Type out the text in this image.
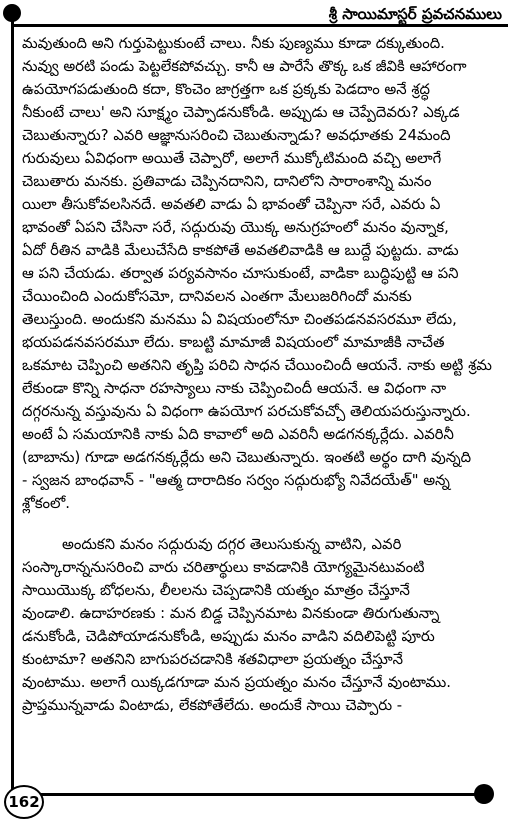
శ్రీ సాయిమాస్టర్ ప్రవచనములు
మవుతుంది అని గుర్తుపెట్టుకుంటే చాలు. నీకు పుణ్యము కూడా దక్కుతుంది.
నువ్వు అరటి పండు పెట్టలేకపోవచ్చు. కానీ ఆ పారేసే తొక్క ఒక జీవికి ఆహారంగా
ఉపయోగపడుతుంది కదా, కొంచెం జాగ్రత్తగా ఒక ప్రక్కకు పెడదాం అనే శ్రద్ధ
నీకుంటే చాలు' అని సూక్ష్మం చెప్పాడనుకోండి. అప్పుడు ఆ చెప్పేదెవరు? ఎక్కడ
చెబుతున్నారు? ఎవరి ఆజ్ఞానుసరించి చెబుతున్నాడు? అవధూతకు 24మంది
గురువులు ఏవిధంగా అయితే చెప్పారో, అలాగే ముక్కోటిమంది వచ్చి అలాగే
చెబుతారు మనకు. ప్రతివాడు చెప్పినదానిని, దానిలోని సారాంశాన్ని మనం
యిలా తీసుకోవలసినదే. అవతలి వాడు ఏ భావంతో చెప్పినా సరే, ఎవరు ఏ
భావంతో ఏపని చేసినా సరే, సద్గురువు యొక్క అనుగ్రహంలో మనం వున్నాక,
ఏదో రీతిన వాడికి మేలుచేసేది కాకపోతే అవతలివాడికి ఆ బుద్దే పుట్టదు. వాడు
ఆ పని చేయడు. తర్వాత పర్యవసానం చూసుకుంటే, వాడికా బుద్ధిపుట్టి ఆ పని
చేయించింది ఎందుకోసమో, దానివలన ఎంతగా మేలుజరిగిందో మనకు
తెలుస్తుంది. అందుకని మనము ఏ విషయంలోనూ చింతపడనవసరమూ లేదు,
భయపడనవసరమూ లేదు. కాబట్టి మామాజీ విషయంలో మామాజీకి నాచేత
ఒకమాట చెప్పించి అతనిని తృప్తి పరిచి సాధన చేయించిందీ ఆయనే. నాకు అట్టి శ్రమ
లేకుండా కొన్ని సాధనా రహస్యాలు నాకు చెప్పించిందీ ఆయనే. ఆ విధంగా నా
దగ్గరనున్న వస్తువును ఏ విధంగా ఉపయోగ పరచుకోవచ్చో తెలియపరుస్తున్నారు.
అంటే ఏ సమయానికి నాకు ఏది కావాలో అది ఎవరినీ అడగనక్కర్లేదు. ఎవరినీ
(బాబాను) గూడా అడగనక్కర్లేదు అని చెబుతున్నారు. ఇంతటి అర్థం దాగి వున్నది
- స్వజన బాంధవాన్ - "ఆత్మ దారాదికం సర్వం సద్గురుభ్యో నివేదయేత్" అన్న
శ్లోకంలో.
అందుకని మనం సద్గురువు దగ్గర తెలుసుకున్న వాటిని, ఎవరి
సంస్కారాన్ననుసరించి వారు చరితార్థులు కావడానికి యోగ్యమైనటువంటి
సాయియొక్క బోధలను, లీలలను చెప్పడానికి యత్నం మాత్రం చేస్తూనే
వుండాలి. ఉదాహరణకు : మన బిడ్డ చెప్పినమాట వినకుండా తిరుగుతున్నా
డనుకోండి, చెడిపోయాడనుకోండి, అప్పుడు మనం వాడిని వదిలిపెట్టి పూరు
కుంటామా? అతనిని బాగుపరచడానికి శతవిధాలా ప్రయత్నం చేస్తూనే
వుంటాము. అలాగే యిక్కడగూడా మన ప్రయత్నం మనం చేస్తూనే వుంటాము.
ప్రాప్తమున్నవాడు వింటాడు, లేకపోతేలేదు. అందుకే సాయి చెప్పారు -
162
